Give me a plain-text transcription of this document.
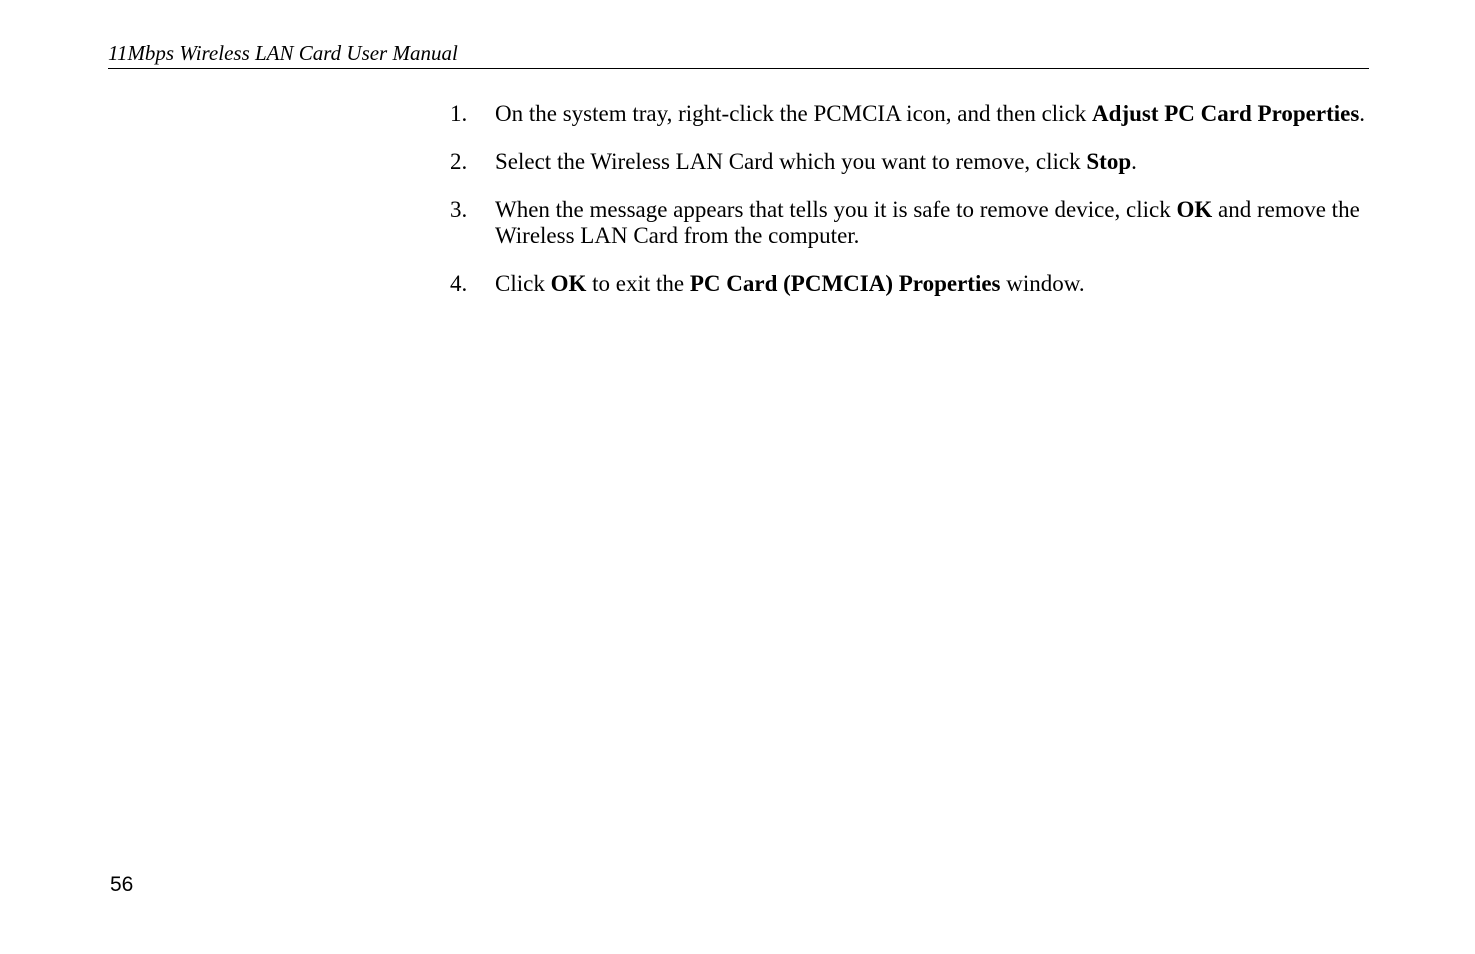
11Mbps Wireless LAN Card User Manual
1. On the system tray, right-click the PCMCIA icon, and then click Adjust PC Card Properties.
2. Select the Wireless LAN Card which you want to remove, click Stop.
3. When the message appears that tells you it is safe to remove device, click OK and remove the Wireless LAN Card from the computer.
4. Click OK to exit the PC Card (PCMCIA) Properties window.
56
